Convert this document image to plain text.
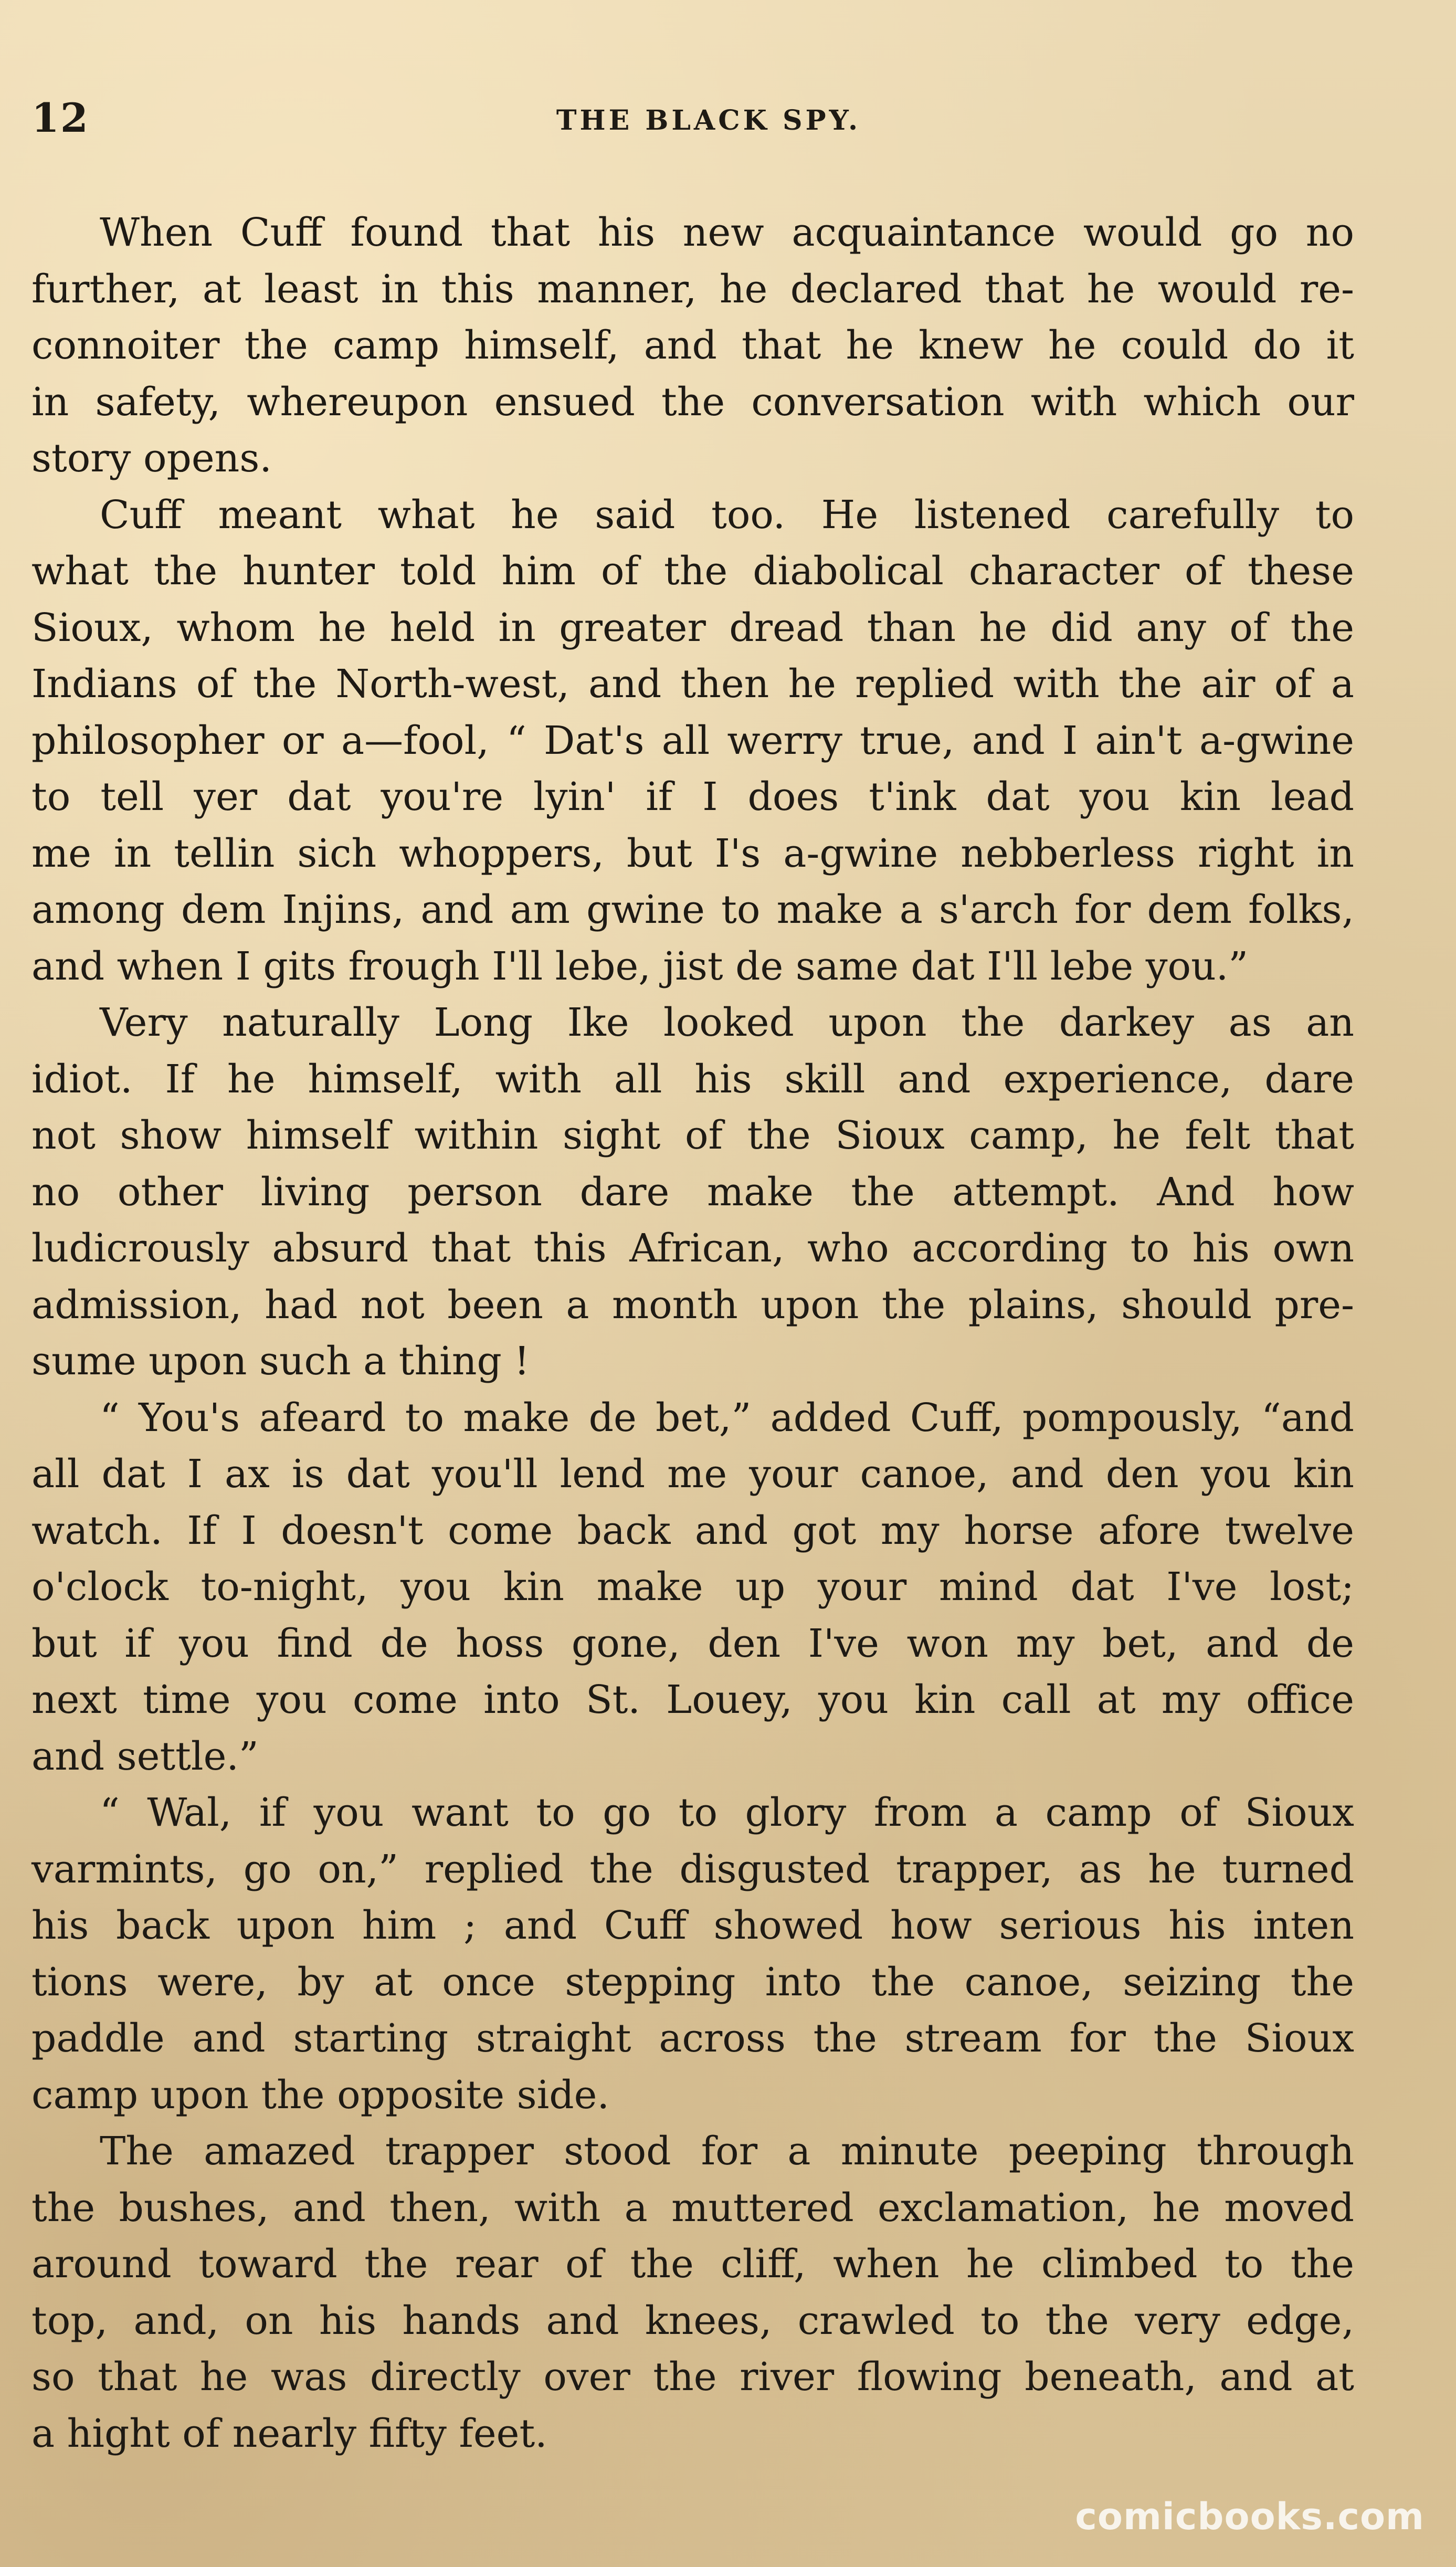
12	THE BLACK SPY.

When Cuff found that his new acquaintance would go no
further, at least in this manner, he declared that he would re-
connoiter the camp himself, and that he knew he could do it
in safety, whereupon ensued the conversation with which our
story opens.

Cuff meant what he said too. He listened carefully to
what the hunter told him of the diabolical character of these
Sioux, whom he held in greater dread than he did any of the
Indians of the North-west, and then he replied with the air of a
philosopher or a—fool, “ Dat's all werry true, and I ain't a-gwine
to tell yer dat you're lyin' if I does t'ink dat you kin lead
me in tellin sich whoppers, but I's a-gwine nebberless right in
among dem Injins, and am gwine to make a s'arch for dem folks,
and when I gits frough I'll lebe, jist de same dat I'll lebe you.”

Very naturally Long Ike looked upon the darkey as an
idiot. If he himself, with all his skill and experience, dare
not show himself within sight of the Sioux camp, he felt that
no other living person dare make the attempt. And how
ludicrously absurd that this African, who according to his own
admission, had not been a month upon the plains, should pre-
sume upon such a thing !

“ You's afeard to make de bet,” added Cuff, pompously, “and
all dat I ax is dat you'll lend me your canoe, and den you kin
watch. If I doesn't come back and got my horse afore twelve
o'clock to-night, you kin make up your mind dat I've lost;
but if you find de hoss gone, den I've won my bet, and de
next time you come into St. Louey, you kin call at my office
and settle.”

“ Wal, if you want to go to glory from a camp of Sioux
varmints, go on,” replied the disgusted trapper, as he turned
his back upon him ; and Cuff showed how serious his inten
tions were, by at once stepping into the canoe, seizing the
paddle and starting straight across the stream for the Sioux
camp upon the opposite side.

The amazed trapper stood for a minute peeping through
the bushes, and then, with a muttered exclamation, he moved
around toward the rear of the cliff, when he climbed to the
top, and, on his hands and knees, crawled to the very edge,
so that he was directly over the river flowing beneath, and at
a hight of nearly fifty feet.

comicbooks.com
